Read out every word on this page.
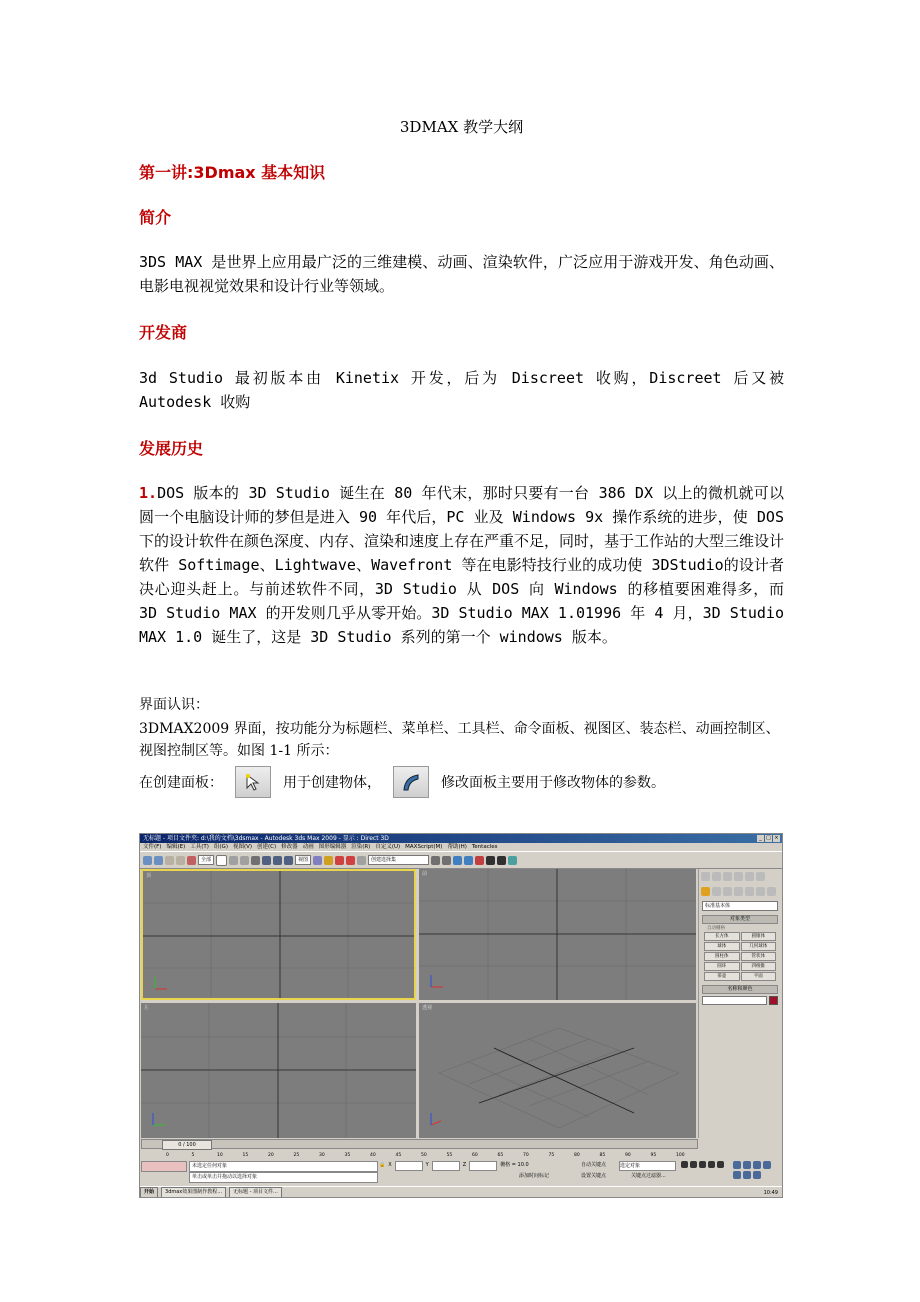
3DMAX 教学大纲
第一讲:3Dmax 基本知识
简介
3DS MAX 是世界上应用最广泛的三维建模、动画、渲染软件，广泛应用于游戏开发、角色动画、电影电视视觉效果和设计行业等领域。
开发商
3d Studio 最初版本由 Kinetix 开发，后为 Discreet 收购，Discreet 后又被 Autodesk 收购
发展历史
1.DOS 版本的 3D Studio 诞生在 80 年代末，那时只要有一台 386 DX 以上的微机就可以圆一个电脑设计师的梦但是进入 90 年代后，PC 业及 Windows 9x 操作系统的进步，使 DOS下的设计软件在颜色深度、内存、渲染和速度上存在严重不足，同时，基于工作站的大型三维设计软件 Softimage、Lightwave、Wavefront 等在电影特技行业的成功使 3DStudio的设计者决心迎头赶上。与前述软件不同，3D Studio 从 DOS 向 Windows 的移植要困难得多，而 3D Studio MAX 的开发则几乎从零开始。3D Studio MAX 1.01996 年 4 月，3D Studio MAX 1.0 诞生了，这是 3D Studio 系列的第一个 windows 版本。
界面认识：
3DMAX2009 界面，按功能分为标题栏、菜单栏、工具栏、命令面板、视图区、装态栏、动画控制区、视图控制区等。如图 1-1 所示：
在创建面板：	用于创建物体，	修改面板主要用于修改物体的参数。
无标题 - 项目文件夹: d:\我的文档\3dsmax - Autodesk 3ds Max 2009 - 显示 : Direct 3D	_ □ ×
文件(F) 编辑(E) 工具(T) 组(G) 视图(V) 创建(C) 修改器 动画 图形编辑器 渲染(R) 自定义(U) MAXScript(M) 帮助(H) Tentacles
全部	视图	创建选择集
顶	前
左	透视
标准基本体
对象类型
自动栅格
长方体	圆锥体
球体	几何球体
圆柱体	管状体
圆环	四棱锥
茶壶	平面
名称和颜色
0 / 100
0	5	10	15	20	25	30	35	40	45	50	55	60	65	70	75	80	85	90	95	100
未选定任何对象
单击或单击并拖动以选择对象
🔒 X	Y	Z	栅格 = 10.0
添加时间标记
自动关键点
设置关键点
选定对象
关键点过滤器...
开始	3dmax效果图制作教程...	无标题 - 项目文件...	10:49
